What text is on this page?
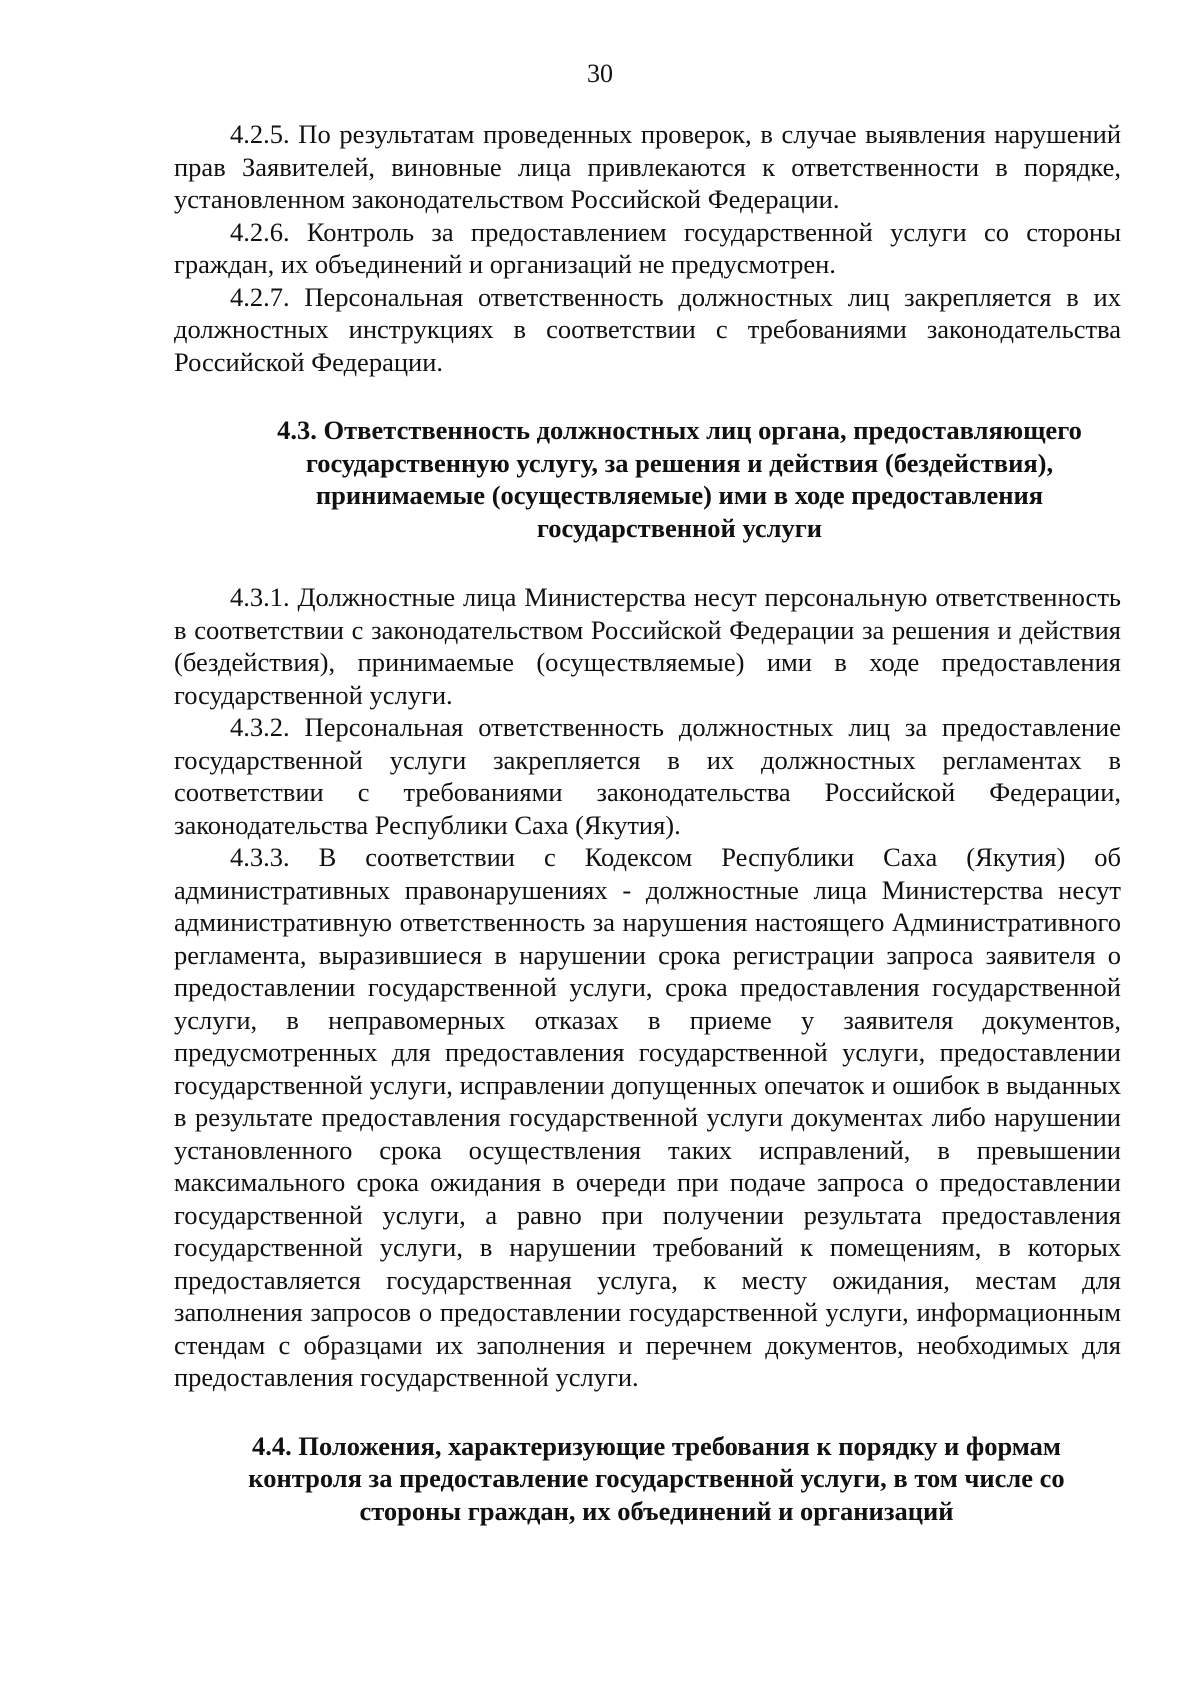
30

4.2.5. По результатам проведенных проверок, в случае выявления нарушений прав Заявителей, виновные лица привлекаются к ответственности в порядке, установленном законодательством Российской Федерации.

4.2.6. Контроль за предоставлением государственной услуги со стороны граждан, их объединений и организаций не предусмотрен.

4.2.7. Персональная ответственность должностных лиц закрепляется в их должностных инструкциях в соответствии с требованиями законодательства Российской Федерации.

4.3. Ответственность должностных лиц органа, предоставляющего
государственную услугу, за решения и действия (бездействия),
принимаемые (осуществляемые) ими в ходе предоставления
государственной услуги

4.3.1. Должностные лица Министерства несут персональную ответственность в соответствии с законодательством Российской Федерации за решения и действия (бездействия), принимаемые (осуществляемые) ими в ходе предоставления государственной услуги.

4.3.2. Персональная ответственность должностных лиц за предоставление государственной услуги закрепляется в их должностных регламентах в соответствии с требованиями законодательства Российской Федерации, законодательства Республики Саха (Якутия).

4.3.3. В соответствии с Кодексом Республики Саха (Якутия) об административных правонарушениях - должностные лица Министерства несут административную ответственность за нарушения настоящего Административного регламента, выразившиеся в нарушении срока регистрации запроса заявителя о предоставлении государственной услуги, срока предоставления государственной услуги, в неправомерных отказах в приеме у заявителя документов, предусмотренных для предоставления государственной услуги, предоставлении государственной услуги, исправлении допущенных опечаток и ошибок в выданных в результате предоставления государственной услуги документах либо нарушении установленного срока осуществления таких исправлений, в превышении максимального срока ожидания в очереди при подаче запроса о предоставлении государственной услуги, а равно при получении результата предоставления государственной услуги, в нарушении требований к помещениям, в которых предоставляется государственная услуга, к месту ожидания, местам для заполнения запросов о предоставлении государственной услуги, информационным стендам с образцами их заполнения и перечнем документов, необходимых для предоставления государственной услуги.

4.4. Положения, характеризующие требования к порядку и формам
контроля за предоставление государственной услуги, в том числе со
стороны граждан, их объединений и организаций
